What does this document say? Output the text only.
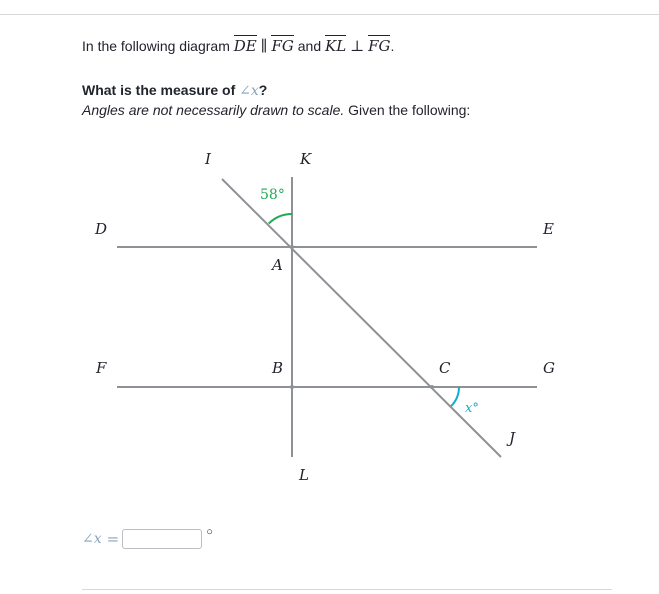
In the following diagram DE ∥ FG and KL ⊥ FG.
What is the measure of ∠x?
Angles are not necessarily drawn to scale. Given the following:
58°
x°
I	K
D	E
A
F	B	C	G
J
L
∠x =	○
